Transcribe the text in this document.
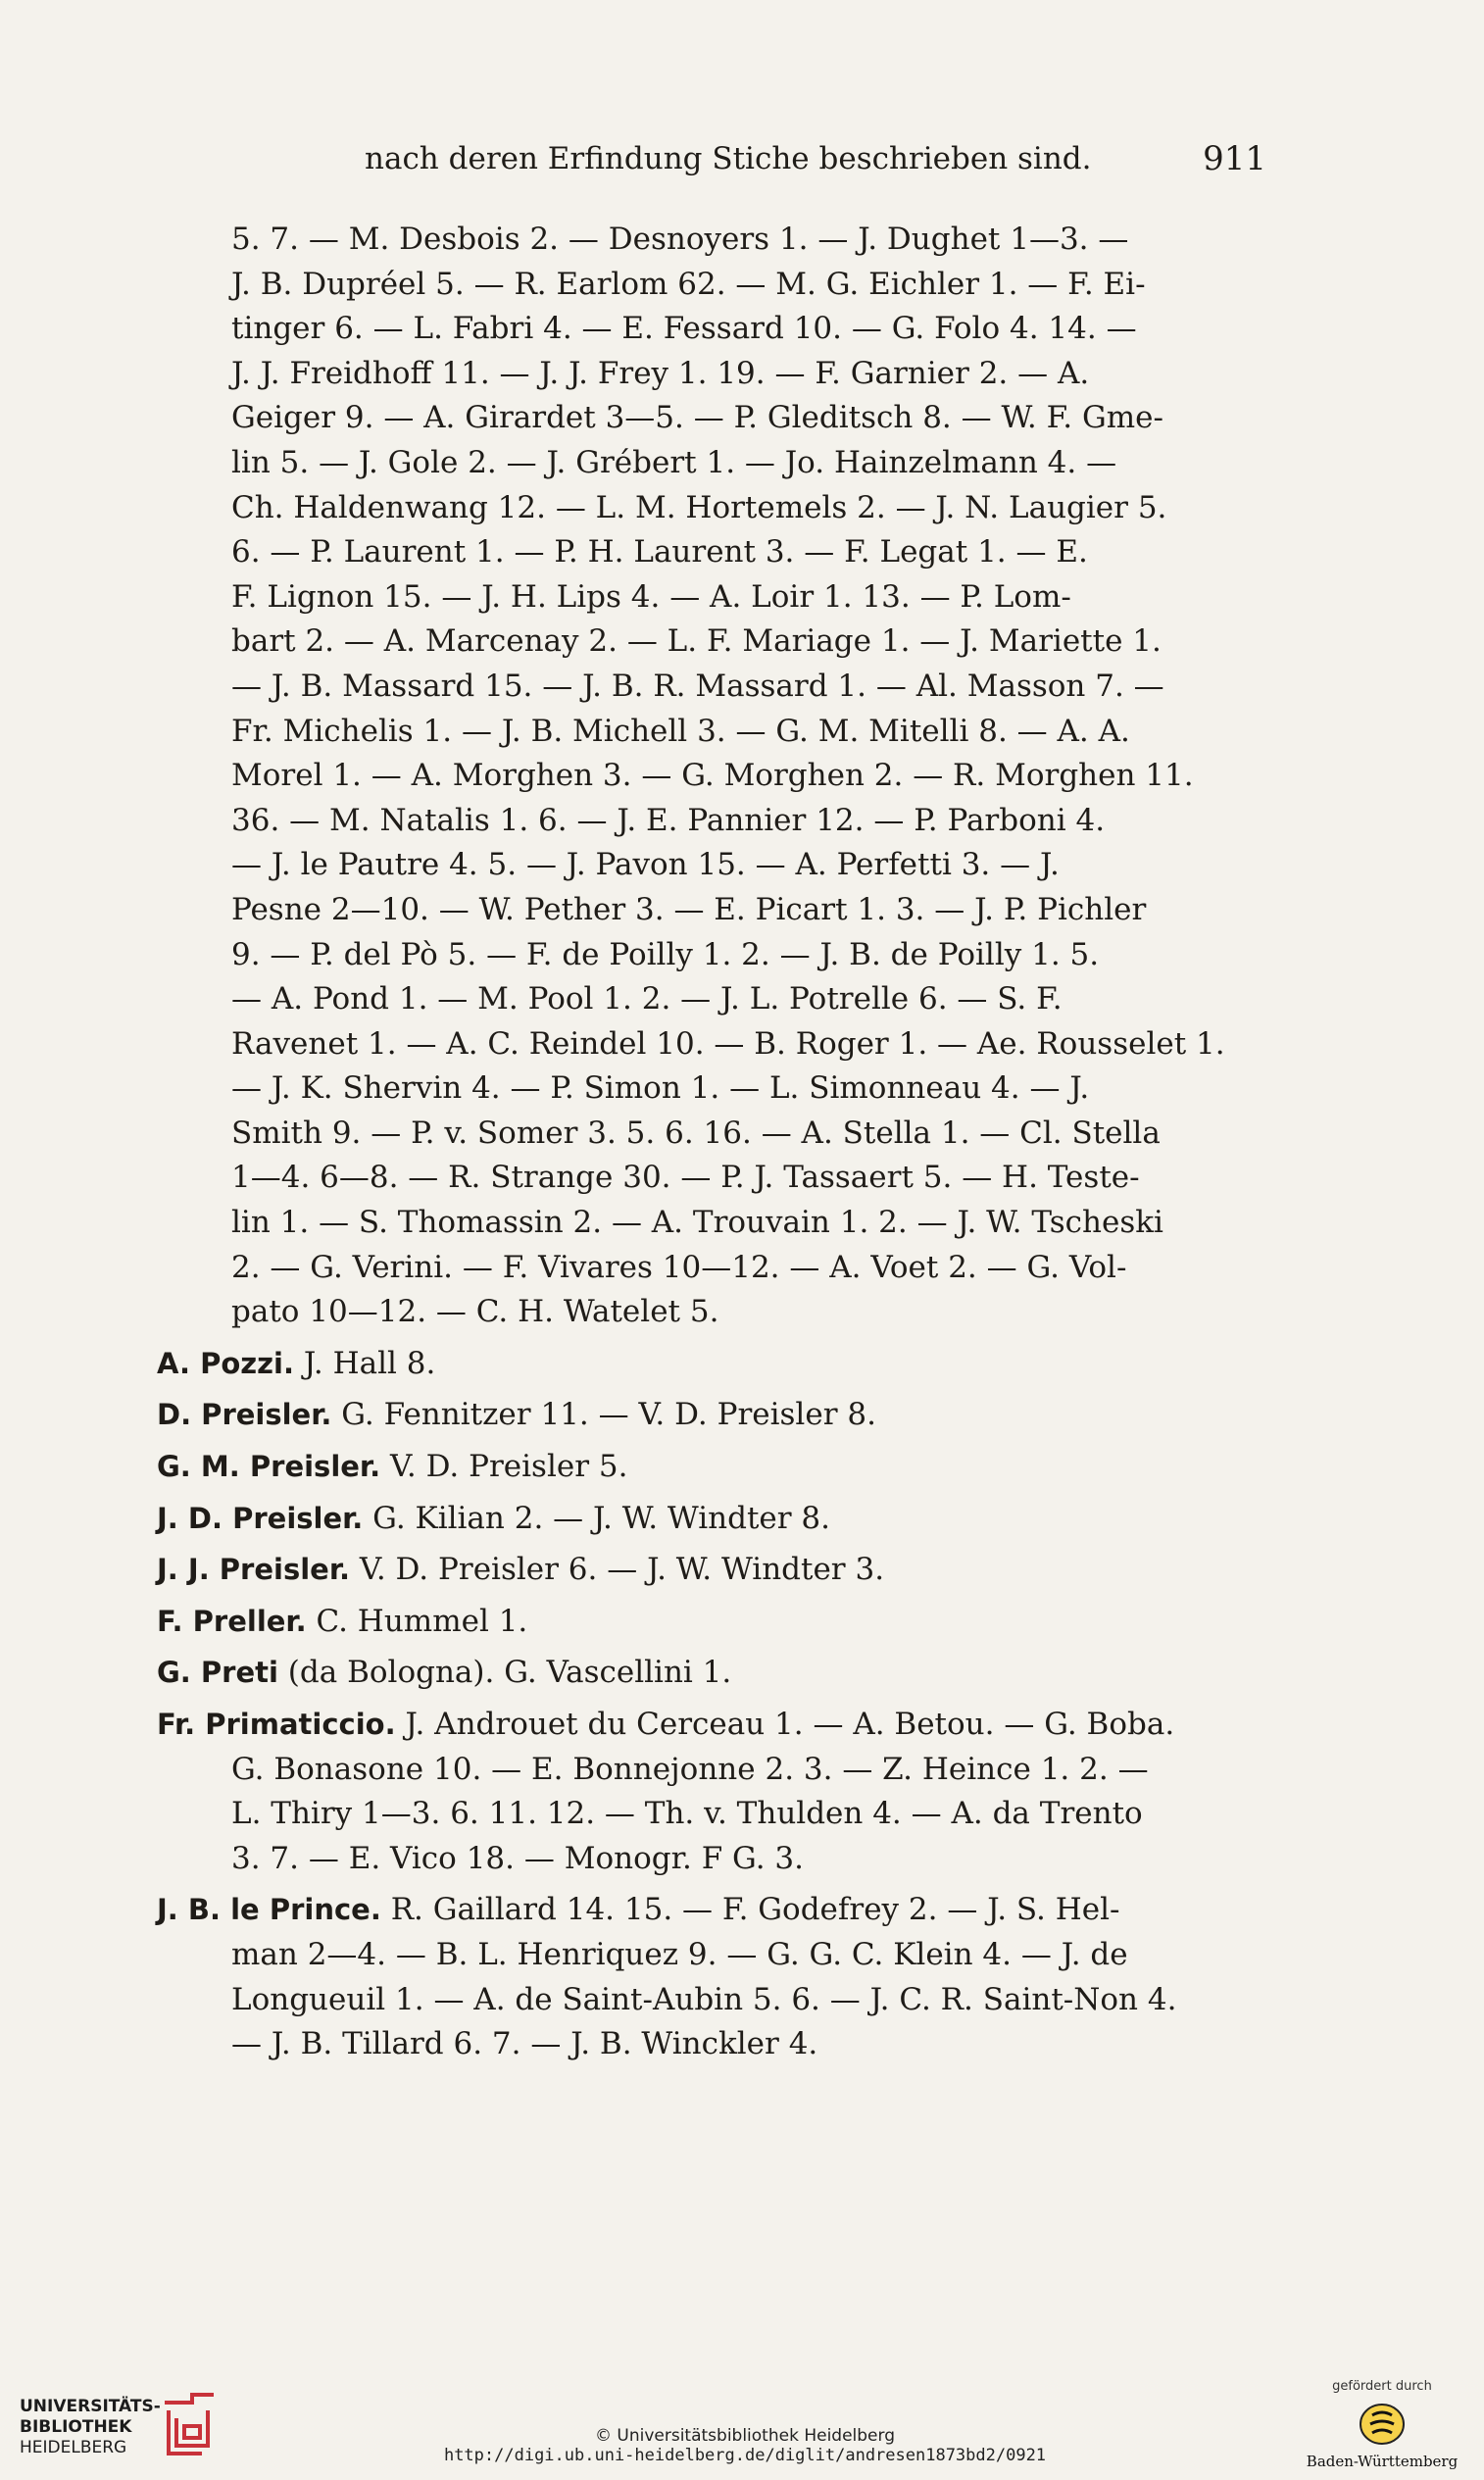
nach deren Erfindung Stiche beschrieben sind.	911
5. 7. — M. Desbois 2. — Desnoyers 1. — J. Dughet 1—3. —
J. B. Dupréel 5. — R. Earlom 62. — M. G. Eichler 1. — F. Ei-
tinger 6. — L. Fabri 4. — E. Fessard 10. — G. Folo 4. 14. —
J. J. Freidhoff 11. — J. J. Frey 1. 19. — F. Garnier 2. — A.
Geiger 9. — A. Girardet 3—5. — P. Gleditsch 8. — W. F. Gme-
lin 5. — J. Gole 2. — J. Grébert 1. — Jo. Hainzelmann 4. —
Ch. Haldenwang 12. — L. M. Hortemels 2. — J. N. Laugier 5.
6. — P. Laurent 1. — P. H. Laurent 3. — F. Legat 1. — E.
F. Lignon 15. — J. H. Lips 4. — A. Loir 1. 13. — P. Lom-
bart 2. — A. Marcenay 2. — L. F. Mariage 1. — J. Mariette 1.
— J. B. Massard 15. — J. B. R. Massard 1. — Al. Masson 7. —
Fr. Michelis 1. — J. B. Michell 3. — G. M. Mitelli 8. — A. A.
Morel 1. — A. Morghen 3. — G. Morghen 2. — R. Morghen 11.
36. — M. Natalis 1. 6. — J. E. Pannier 12. — P. Parboni 4.
— J. le Pautre 4. 5. — J. Pavon 15. — A. Perfetti 3. — J.
Pesne 2—10. — W. Pether 3. — E. Picart 1. 3. — J. P. Pichler
9. — P. del Pò 5. — F. de Poilly 1. 2. — J. B. de Poilly 1. 5.
— A. Pond 1. — M. Pool 1. 2. — J. L. Potrelle 6. — S. F.
Ravenet 1. — A. C. Reindel 10. — B. Roger 1. — Ae. Rousselet 1.
— J. K. Shervin 4. — P. Simon 1. — L. Simonneau 4. — J.
Smith 9. — P. v. Somer 3. 5. 6. 16. — A. Stella 1. — Cl. Stella
1—4. 6—8. — R. Strange 30. — P. J. Tassaert 5. — H. Teste-
lin 1. — S. Thomassin 2. — A. Trouvain 1. 2. — J. W. Tscheski
2. — G. Verini. — F. Vivares 10—12. — A. Voet 2. — G. Vol-
pato 10—12. — C. H. Watelet 5.
A. Pozzi. J. Hall 8.
D. Preisler. G. Fennitzer 11. — V. D. Preisler 8.
G. M. Preisler. V. D. Preisler 5.
J. D. Preisler. G. Kilian 2. — J. W. Windter 8.
J. J. Preisler. V. D. Preisler 6. — J. W. Windter 3.
F. Preller. C. Hummel 1.
G. Preti (da Bologna). G. Vascellini 1.
Fr. Primaticcio. J. Androuet du Cerceau 1. — A. Betou. — G. Boba.
G. Bonasone 10. — E. Bonnejonne 2. 3. — Z. Heince 1. 2. —
L. Thiry 1—3. 6. 11. 12. — Th. v. Thulden 4. — A. da Trento
3. 7. — E. Vico 18. — Monogr. F G. 3.
J. B. le Prince. R. Gaillard 14. 15. — F. Godefrey 2. — J. S. Hel-
man 2—4. — B. L. Henriquez 9. — G. G. C. Klein 4. — J. de
Longueuil 1. — A. de Saint-Aubin 5. 6. — J. C. R. Saint-Non 4.
— J. B. Tillard 6. 7. — J. B. Winckler 4.
UNIVERSITÄTS-
BIBLIOTHEK
HEIDELBERG
© Universitätsbibliothek Heidelberg
http://digi.ub.uni-heidelberg.de/diglit/andresen1873bd2/0921
gefördert durch
Baden-Württemberg
